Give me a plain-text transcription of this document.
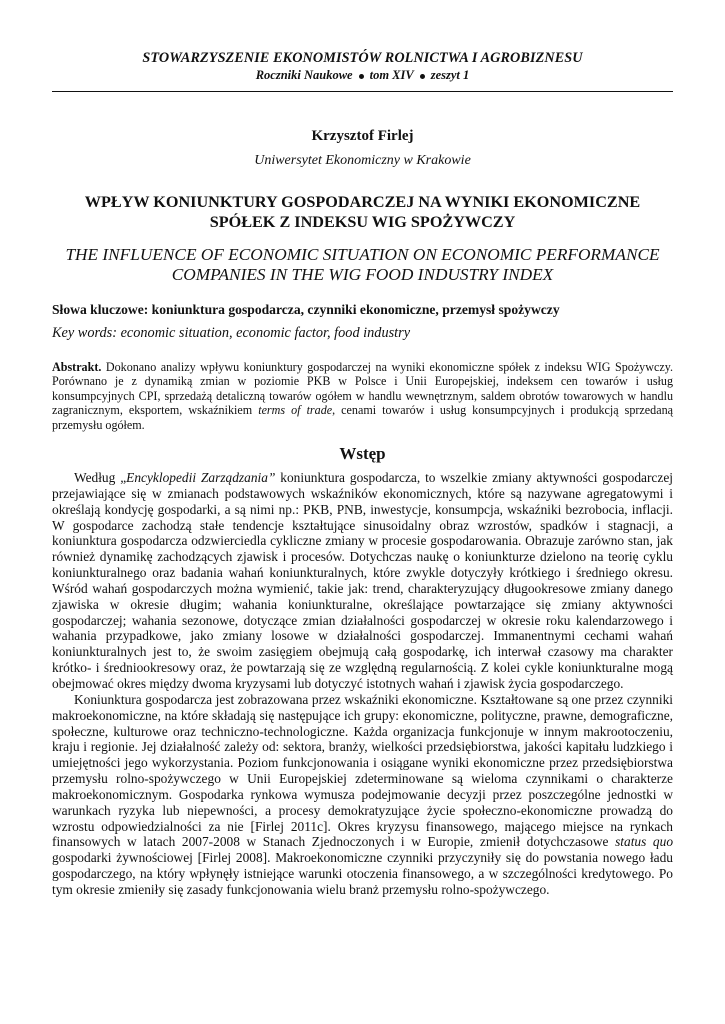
STOWARZYSZENIE EKONOMISTÓW ROLNICTWA I AGROBIZNESU
Roczniki Naukowe tom XIV zeszyt 1
Krzysztof Firlej
Uniwersytet Ekonomiczny w Krakowie
WPŁYW KONIUNKTURY GOSPODARCZEJ NA WYNIKI EKONOMICZNE SPÓŁEK Z INDEKSU WIG SPOŻYWCZY
THE INFLUENCE OF ECONOMIC SITUATION ON ECONOMIC PERFORMANCE COMPANIES IN THE WIG FOOD INDUSTRY INDEX
Słowa kluczowe: koniunktura gospodarcza, czynniki ekonomiczne, przemysł spożywczy
Key words: economic situation, economic factor, food industry
Abstrakt. Dokonano analizy wpływu koniunktury gospodarczej na wyniki ekonomiczne spółek z indeksu WIG Spożywczy. Porównano je z dynamiką zmian w poziomie PKB w Polsce i Unii Europejskiej, indeksem cen towarów i usług konsumpcyjnych CPI, sprzedażą detaliczną towarów ogółem w handlu wewnętrznym, saldem obrotów towarowych w handlu zagranicznym, eksportem, wskaźnikiem terms of trade, cenami towarów i usług konsumpcyjnych i produkcją sprzedaną przemysłu ogółem.
Wstęp

Według „Encyklopedii Zarządzania” koniunktura gospodarcza, to wszelkie zmiany aktywności gospodarczej przejawiające się w zmianach podstawowych wskaźników ekonomicznych, które są nazywane agregatowymi i określają kondycję gospodarki, a są nimi np.: PKB, PNB, inwestycje, konsumpcja, wskaźniki bezrobocia, inflacji. W gospodarce zachodzą stałe tendencje kształtujące sinusoidalny obraz wzrostów, spadków i stagnacji, a koniunktura gospodarcza odzwierciedla cykliczne zmiany w procesie gospodarowania. Obrazuje zarówno stan, jak również dynamikę zachodzących zjawisk i procesów. Dotychczas naukę o koniunkturze dzielono na teorię cyklu koniunkturalnego oraz badania wahań koniunkturalnych, które zwykle dotyczyły krótkiego i średniego okresu. Wśród wahań gospodarczych można wymienić, takie jak: trend, charakteryzujący długookresowe zmiany danego zjawiska w okresie długim; wahania koniunkturalne, określające powtarzające się zmiany aktywności gospodarczej; wahania sezonowe, dotyczące zmian działalności gospodarczej w okresie roku kalendarzowego i wahania przypadkowe, jako zmiany losowe w działalności gospodarczej. Immanentnymi cechami wahań koniunkturalnych jest to, że swoim zasięgiem obejmują całą gospodarkę, ich interwał czasowy ma charakter krótko- i średniookresowy oraz, że powtarzają się ze względną regularnością. Z kolei cykle koniunkturalne mogą obejmować okres między dwoma kryzysami lub dotyczyć istotnych wahań i zjawisk życia gospodarczego.

Koniunktura gospodarcza jest zobrazowana przez wskaźniki ekonomiczne. Kształtowane są one przez czynniki makroekonomiczne, na które składają się następujące ich grupy: ekonomiczne, polityczne, prawne, demograficzne, społeczne, kulturowe oraz techniczno-technologiczne. Każda organizacja funkcjonuje w innym makrootoczeniu, kraju i regionie. Jej działalność zależy od: sektora, branży, wielkości przedsiębiorstwa, jakości kapitału ludzkiego i umiejętności jego wykorzystania. Poziom funkcjonowania i osiągane wyniki ekonomiczne przez przedsiębiorstwa przemysłu rolno-spożywczego w Unii Europejskiej zdeterminowane są wieloma czynnikami o charakterze makroekonomicznym. Gospodarka rynkowa wymusza podejmowanie decyzji przez poszczególne jednostki w warunkach ryzyka lub niepewności, a procesy demokratyzujące życie społeczno-ekonomiczne prowadzą do wzrostu odpowiedzialności za nie [Firlej 2011c]. Okres kryzysu finansowego, mającego miejsce na rynkach finansowych w latach 2007-2008 w Stanach Zjednoczonych i w Europie, zmienił dotychczasowe status quo gospodarki żywnościowej [Firlej 2008]. Makroekonomiczne czynniki przyczyniły się do powstania nowego ładu gospodarczego, na który wpłynęły istniejące warunki otoczenia finansowego, a w szczególności kredytowego. Po tym okresie zmieniły się zasady funkcjonowania wielu branż przemysłu rolno-spożywczego.
